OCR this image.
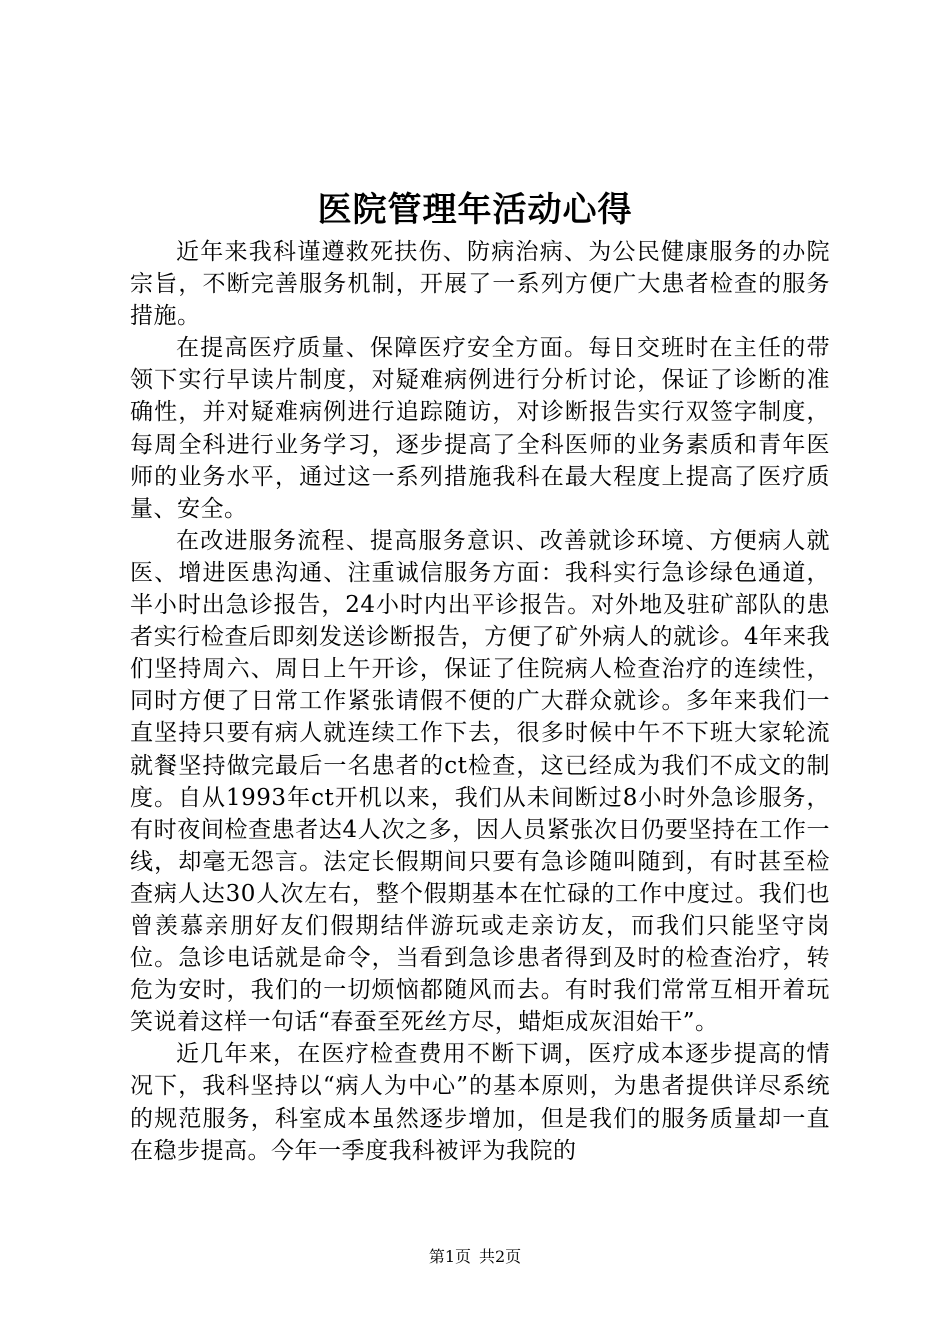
医院管理年活动心得

近年来我科谨遵救死扶伤、防病治病、为公民健康服务的办院宗旨，不断完善服务机制，开展了一系列方便广大患者检查的服务措施。

在提高医疗质量、保障医疗安全方面。每日交班时在主任的带领下实行早读片制度，对疑难病例进行分析讨论，保证了诊断的准确性，并对疑难病例进行追踪随访，对诊断报告实行双签字制度，每周全科进行业务学习，逐步提高了全科医师的业务素质和青年医师的业务水平，通过这一系列措施我科在最大程度上提高了医疗质量、安全。

在改进服务流程、提高服务意识、改善就诊环境、方便病人就医、增进医患沟通、注重诚信服务方面：我科实行急诊绿色通道，半小时出急诊报告，24小时内出平诊报告。对外地及驻矿部队的患者实行检查后即刻发送诊断报告，方便了矿外病人的就诊。4年来我们坚持周六、周日上午开诊，保证了住院病人检查治疗的连续性，同时方便了日常工作紧张请假不便的广大群众就诊。多年来我们一直坚持只要有病人就连续工作下去，很多时候中午不下班大家轮流就餐坚持做完最后一名患者的ct检查，这已经成为我们不成文的制度。自从1993年ct开机以来，我们从未间断过8小时外急诊服务，有时夜间检查患者达4人次之多，因人员紧张次日仍要坚持在工作一线，却毫无怨言。法定长假期间只要有急诊随叫随到，有时甚至检查病人达30人次左右，整个假期基本在忙碌的工作中度过。我们也曾羡慕亲朋好友们假期结伴游玩或走亲访友，而我们只能坚守岗位。急诊电话就是命令，当看到急诊患者得到及时的检查治疗，转危为安时，我们的一切烦恼都随风而去。有时我们常常互相开着玩笑说着这样一句话“春蚕至死丝方尽，蜡炬成灰泪始干”。

近几年来，在医疗检查费用不断下调，医疗成本逐步提高的情况下，我科坚持以“病人为中心”的基本原则，为患者提供详尽系统的规范服务，科室成本虽然逐步增加，但是我们的服务质量却一直在稳步提高。今年一季度我科被评为我院的

第1页 共2页
